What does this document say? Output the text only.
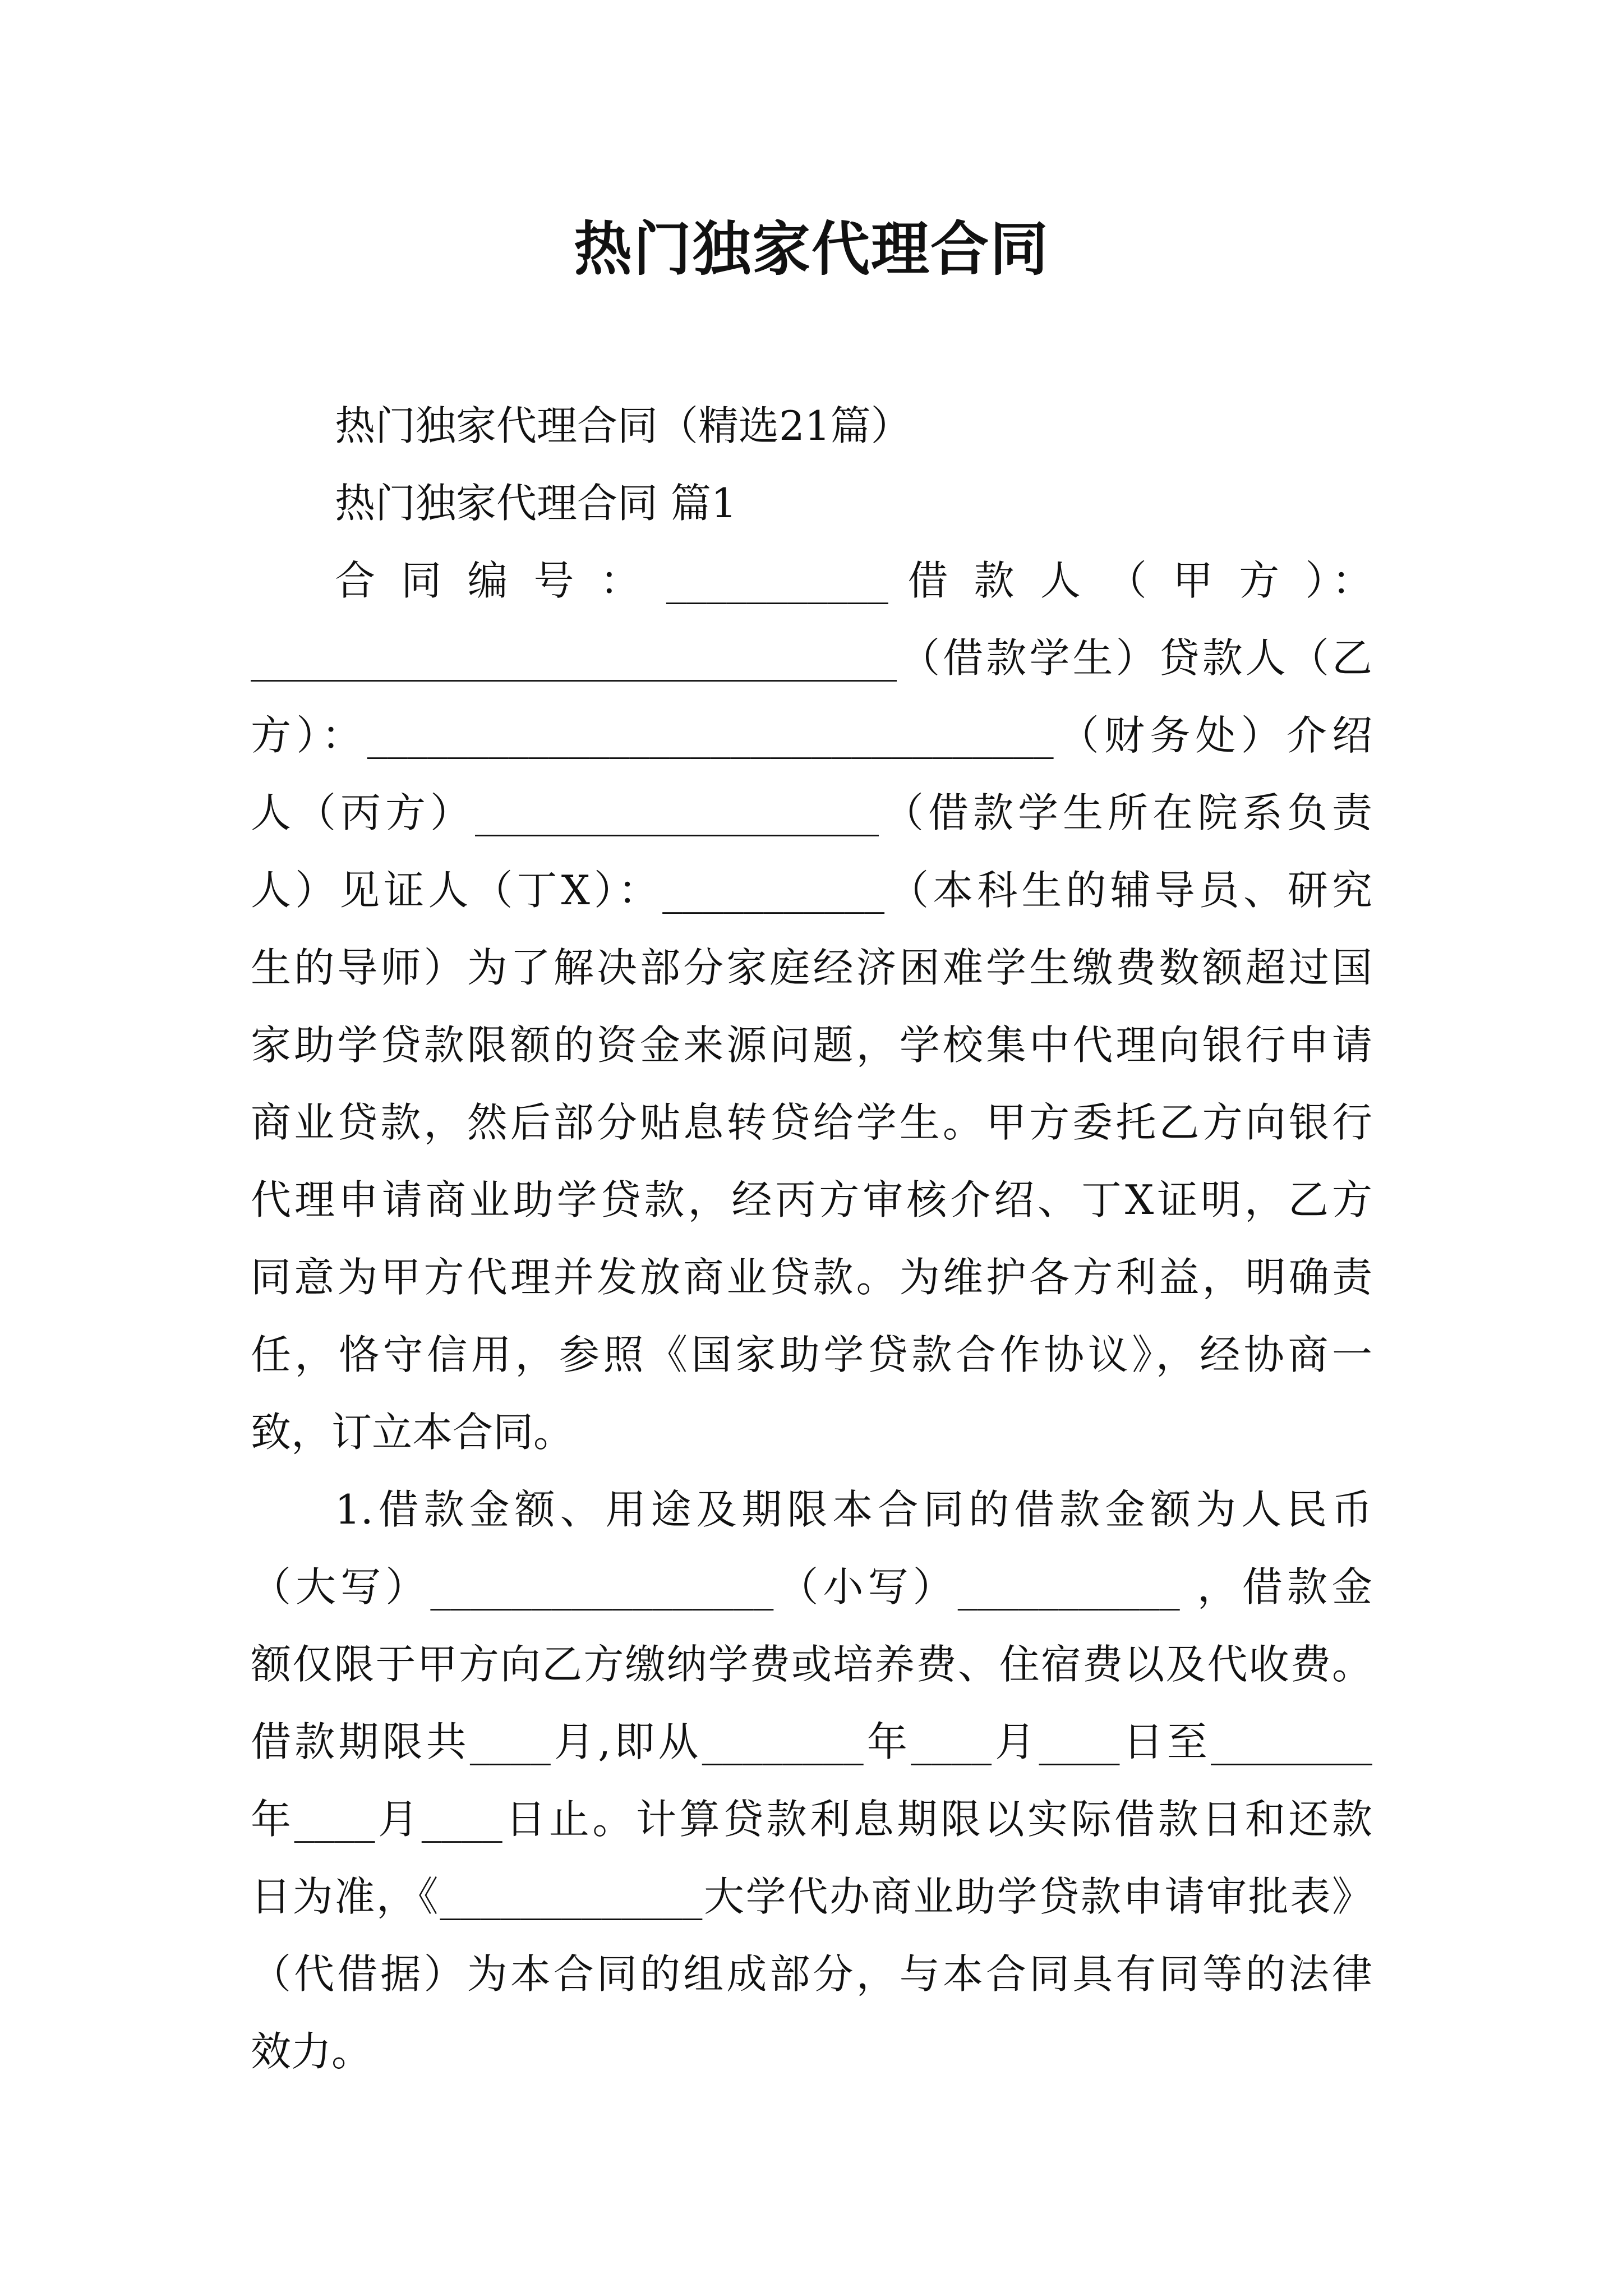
热门独家代理合同
热门独家代理合同（精选21篇）
热门独家代理合同 篇1
合 同 编 号 ： ___________ 借 款 人 （ 甲 方 ）：
________________________________（借款学生）贷款人（乙
方）：__________________________________（财务处）介绍
人（丙方）____________________（借款学生所在院系负责
人）见证人（丁X）：___________（本科生的辅导员、研究
生的导师）为了解决部分家庭经济困难学生缴费数额超过国
家助学贷款限额的资金来源问题，学校集中代理向银行申请
商业贷款，然后部分贴息转贷给学生。甲方委托乙方向银行
代理申请商业助学贷款，经丙方审核介绍、丁X证明，乙方
同意为甲方代理并发放商业贷款。为维护各方利益，明确责
任，恪守信用，参照《国家助学贷款合作协议》，经协商一
致，订立本合同。
1.借款金额、用途及期限本合同的借款金额为人民币
（大写）_________________（小写）___________ ，借款金
额仅限于甲方向乙方缴纳学费或培养费、住宿费以及代收费。
借款期限共____月,即从________年____月____日至________
年____月____日止。计算贷款利息期限以实际借款日和还款
日为准，《_____________大学代办商业助学贷款申请审批表》
（代借据）为本合同的组成部分，与本合同具有同等的法律
效力。
